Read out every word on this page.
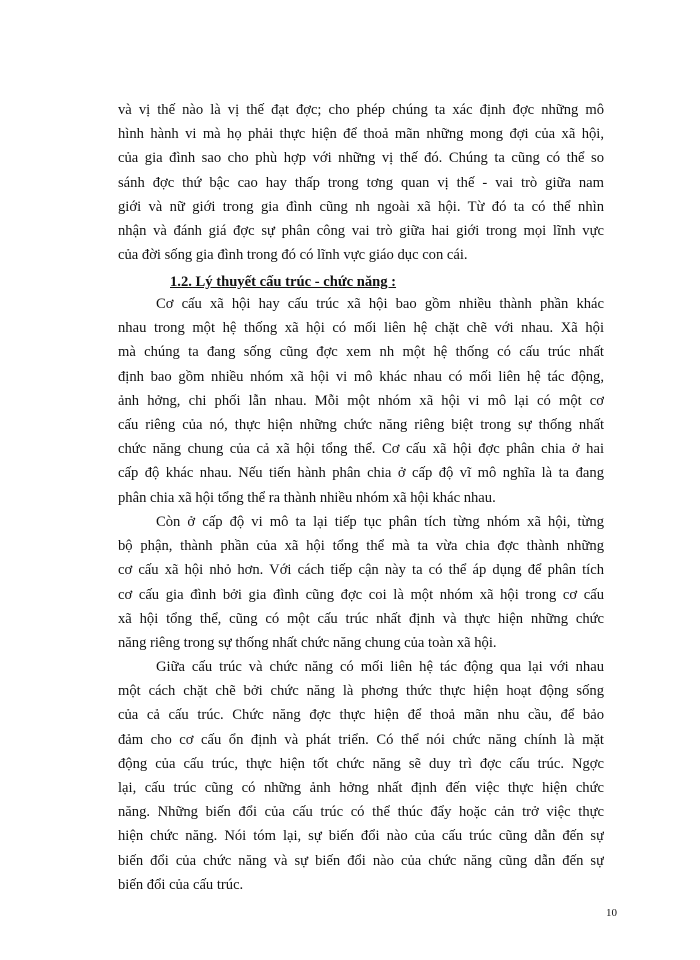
và vị thế nào là vị thế đạt đợc; cho phép chúng ta xác định đợc những mô
hình hành vi mà họ phải thực hiện để thoả mãn những mong đợi của xã hội,
của gia đình sao cho phù hợp với những vị thế đó. Chúng ta cũng có thể so
sánh đợc thứ bậc cao hay thấp trong tơng quan vị thế - vai trò giữa nam
giới và nữ giới trong gia đình cũng nh ngoài xã hội. Từ đó ta có thể nhìn
nhận và đánh giá đợc sự phân công vai trò giữa hai giới trong mọi lĩnh vực
của đời sống gia đình trong đó có lĩnh vực giáo dục con cái.
1.2. Lý thuyết cấu trúc - chức năng :
Cơ cấu xã hội hay cấu trúc xã hội bao gồm nhiều thành phần khác
nhau trong một hệ thống xã hội có mối liên hệ chặt chẽ với nhau. Xã hội
mà chúng ta đang sống cũng đợc xem nh một hệ thống có cấu trúc nhất
định bao gồm nhiều nhóm xã hội vi mô khác nhau có mối liên hệ tác động,
ảnh hởng, chi phối lẫn nhau. Mỗi một nhóm xã hội vi mô lại có một cơ
cấu riêng của nó, thực hiện những chức năng riêng biệt trong sự thống nhất
chức năng chung của cả xã hội tổng thể. Cơ cấu xã hội đợc phân chia ở hai
cấp độ khác nhau. Nếu tiến hành phân chia ở cấp độ vĩ mô nghĩa là ta đang
phân chia xã hội tổng thể ra thành nhiều nhóm xã hội khác nhau.
Còn ở cấp độ vi mô ta lại tiếp tục phân tích từng nhóm xã hội, từng
bộ phận, thành phần của xã hội tổng thể mà ta vừa chia đợc thành những
cơ cấu xã hội nhỏ hơn. Với cách tiếp cận này ta có thể áp dụng để phân tích
cơ cấu gia đình bởi gia đình cũng đợc coi là một nhóm xã hội trong cơ cấu
xã hội tổng thể, cũng có một cấu trúc nhất định và thực hiện những chức
năng riêng trong sự thống nhất chức năng chung của toàn xã hội.
Giữa cấu trúc và chức năng có mối liên hệ tác động qua lại với nhau
một cách chặt chẽ bởi chức năng là phơng thức thực hiện hoạt động sống
của cả cấu trúc. Chức năng đợc thực hiện để thoả mãn nhu cầu, để bảo
đảm cho cơ cấu ổn định và phát triển. Có thể nói chức năng chính là mặt
động của cấu trúc, thực hiện tốt chức năng sẽ duy trì đợc cấu trúc. Ngợc
lại, cấu trúc cũng có những ảnh hởng nhất định đến việc thực hiện chức
năng. Những biến đổi của cấu trúc có thể thúc đẩy hoặc cản trở việc thực
hiện chức năng. Nói tóm lại, sự biến đổi nào của cấu trúc cũng dẫn đến sự
biến đổi của chức năng và sự biến đổi nào của chức năng cũng dẫn đến sự
biến đổi của cấu trúc.
10
